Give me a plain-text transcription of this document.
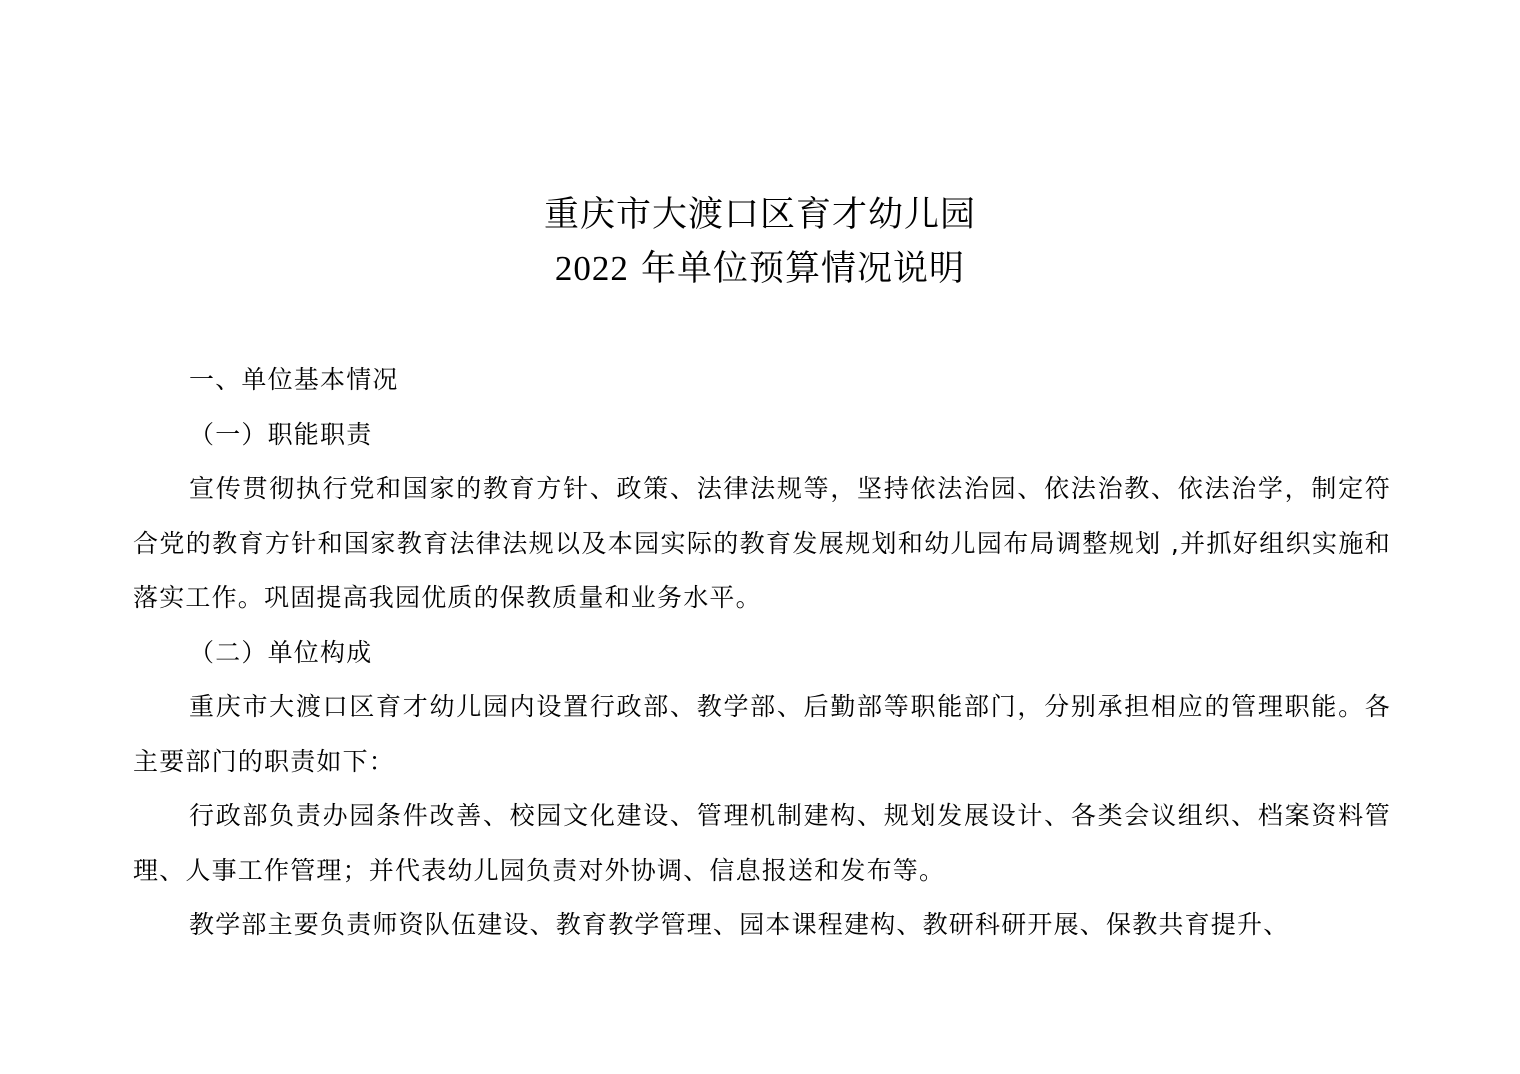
重庆市大渡口区育才幼儿园
2022 年单位预算情况说明

一、单位基本情况

（一）职能职责

宣传贯彻执行党和国家的教育方针、政策、法律法规等，坚持依法治园、依法治教、依法治学，制定符合党的教育方针和国家教育法律法规以及本园实际的教育发展规划和幼儿园布局调整规划 ,并抓好组织实施和落实工作。巩固提高我园优质的保教质量和业务水平。

（二）单位构成

重庆市大渡口区育才幼儿园内设置行政部、教学部、后勤部等职能部门，分别承担相应的管理职能。各主要部门的职责如下：

行政部负责办园条件改善、校园文化建设、管理机制建构、规划发展设计、各类会议组织、档案资料管理、人事工作管理；并代表幼儿园负责对外协调、信息报送和发布等。

教学部主要负责师资队伍建设、教育教学管理、园本课程建构、教研科研开展、保教共育提升、
